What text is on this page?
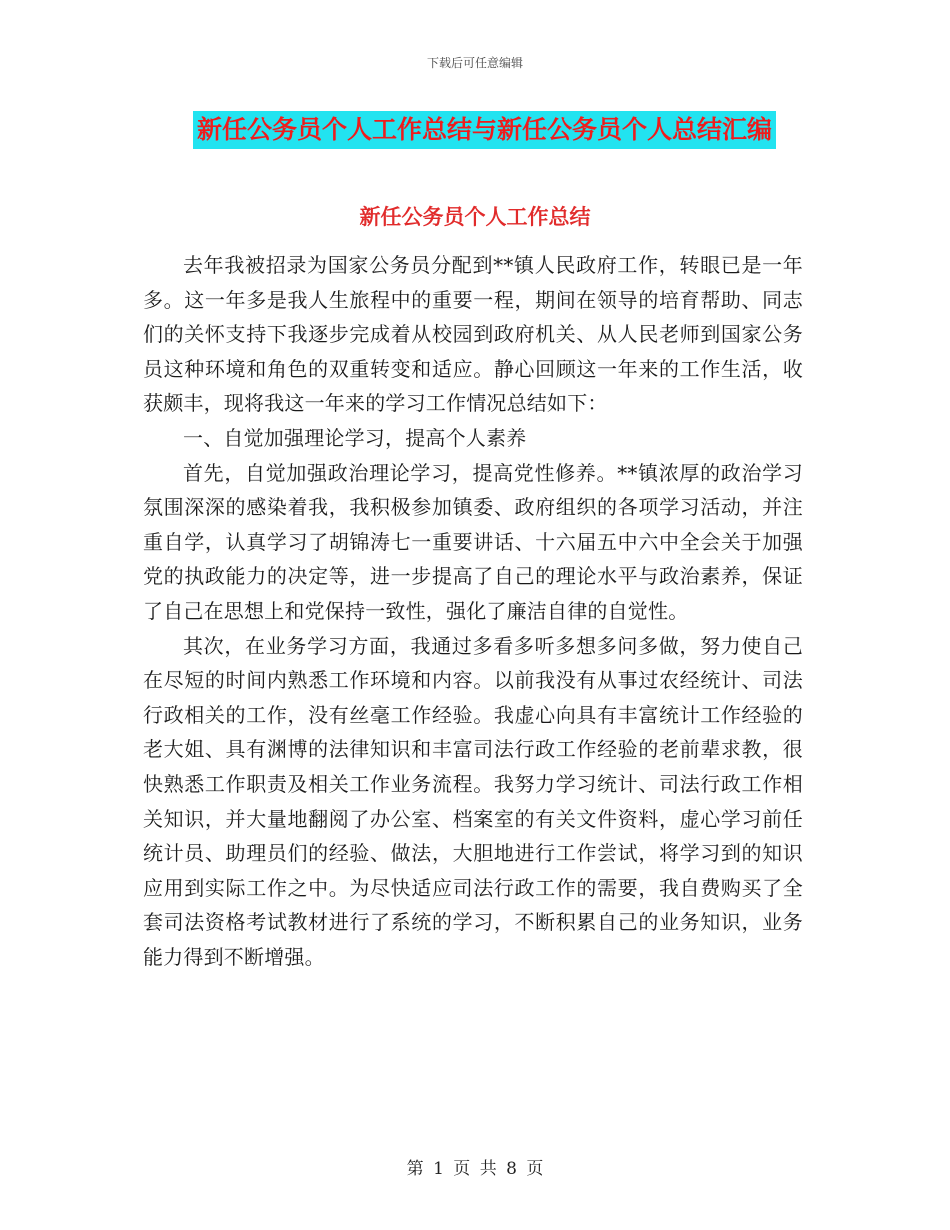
下载后可任意编辑
新任公务员个人工作总结与新任公务员个人总结汇编
新任公务员个人工作总结

去年我被招录为国家公务员分配到**镇人民政府工作，转眼已是一年多。这一年多是我人生旅程中的重要一程，期间在领导的培育帮助、同志们的关怀支持下我逐步完成着从校园到政府机关、从人民老师到国家公务员这种环境和角色的双重转变和适应。静心回顾这一年来的工作生活，收获颇丰，现将我这一年来的学习工作情况总结如下：

一、自觉加强理论学习，提高个人素养

首先，自觉加强政治理论学习，提高党性修养。**镇浓厚的政治学习氛围深深的感染着我，我积极参加镇委、政府组织的各项学习活动，并注重自学，认真学习了胡锦涛七一重要讲话、十六届五中六中全会关于加强党的执政能力的决定等，进一步提高了自己的理论水平与政治素养，保证了自己在思想上和党保持一致性，强化了廉洁自律的自觉性。

其次，在业务学习方面，我通过多看多听多想多问多做，努力使自己在尽短的时间内熟悉工作环境和内容。以前我没有从事过农经统计、司法行政相关的工作，没有丝毫工作经验。我虚心向具有丰富统计工作经验的老大姐、具有渊博的法律知识和丰富司法行政工作经验的老前辈求教，很快熟悉工作职责及相关工作业务流程。我努力学习统计、司法行政工作相关知识，并大量地翻阅了办公室、档案室的有关文件资料，虚心学习前任统计员、助理员们的经验、做法，大胆地进行工作尝试，将学习到的知识应用到实际工作之中。为尽快适应司法行政工作的需要，我自费购买了全套司法资格考试教材进行了系统的学习，不断积累自己的业务知识，业务能力得到不断增强。

第 1 页 共 8 页
